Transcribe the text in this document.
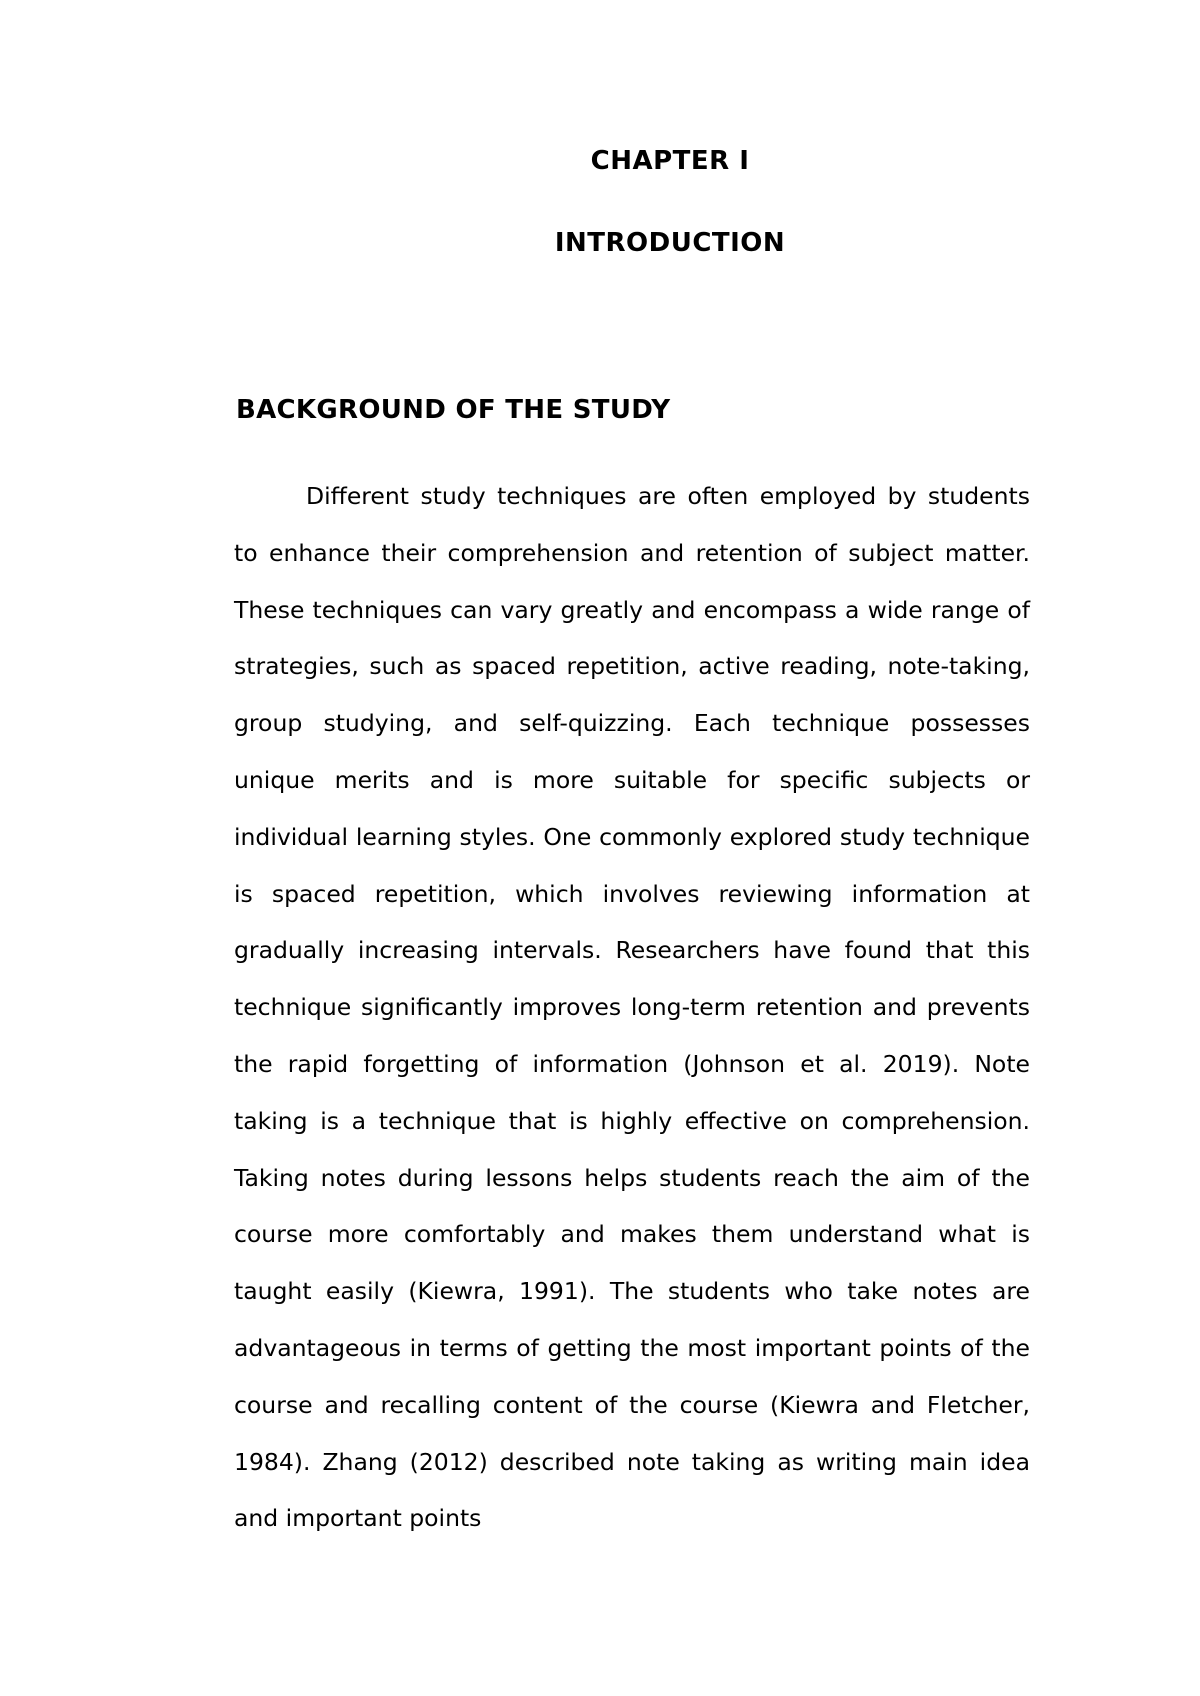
CHAPTER I
INTRODUCTION
BACKGROUND OF THE STUDY

Different study techniques are often employed by students to enhance their comprehension and retention of subject matter. These techniques can vary greatly and encompass a wide range of strategies, such as spaced repetition, active reading, note-taking, group studying, and self-quizzing. Each technique possesses unique merits and is more suitable for specific subjects or individual learning styles. One commonly explored study technique is spaced repetition, which involves reviewing information at gradually increasing intervals. Researchers have found that this technique significantly improves long-term retention and prevents the rapid forgetting of information (Johnson et al. 2019). Note taking is a technique that is highly effective on comprehension. Taking notes during lessons helps students reach the aim of the course more comfortably and makes them understand what is taught easily (Kiewra, 1991). The students who take notes are advantageous in terms of getting the most important points of the course and recalling content of the course (Kiewra and Fletcher, 1984). Zhang (2012) described note taking as writing main idea and important points
